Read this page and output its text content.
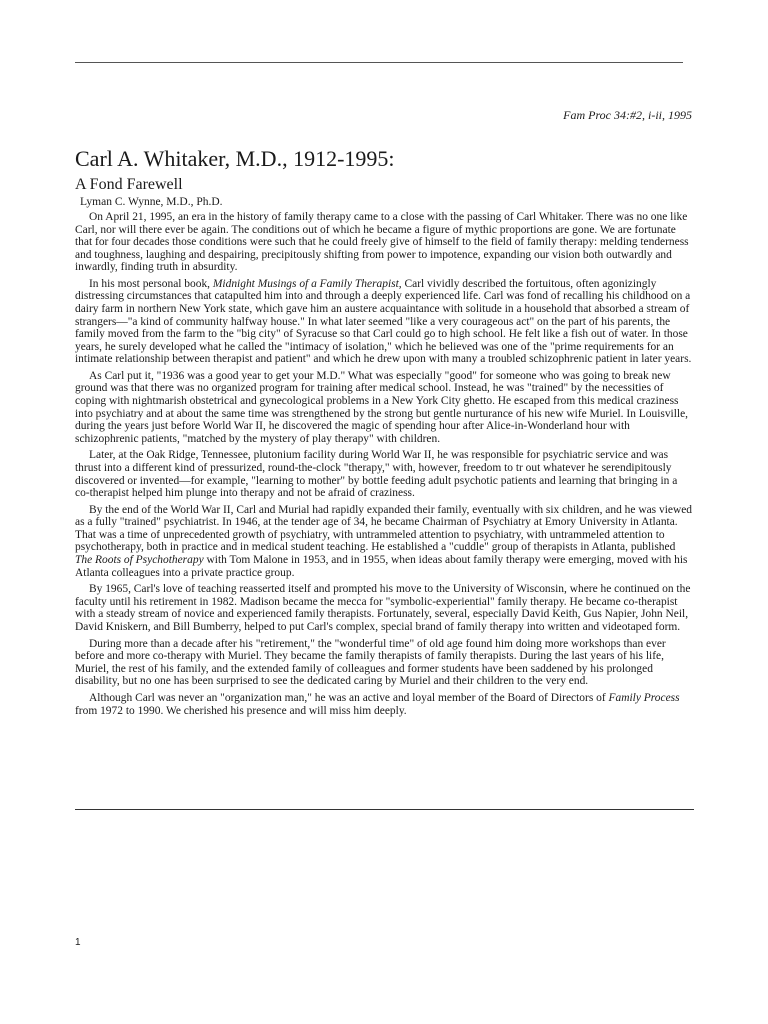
Fam Proc 34:#2, i-ii, 1995
Carl A. Whitaker, M.D., 1912-1995:
A Fond Farewell
Lyman C. Wynne, M.D., Ph.D.

On April 21, 1995, an era in the history of family therapy came to a close with the passing of Carl Whitaker. There was no one like Carl, nor will there ever be again. The conditions out of which he became a figure of mythic proportions are gone. We are fortunate that for four decades those conditions were such that he could freely give of himself to the field of family therapy: melding tenderness and toughness, laughing and despairing, precipitously shifting from power to impotence, expanding our vision both outwardly and inwardly, finding truth in absurdity.

In his most personal book, Midnight Musings of a Family Therapist, Carl vividly described the fortuitous, often agonizingly distressing circumstances that catapulted him into and through a deeply experienced life. Carl was fond of recalling his childhood on a dairy farm in northern New York state, which gave him an austere acquaintance with solitude in a household that absorbed a stream of strangers—"a kind of community halfway house." In what later seemed "like a very courageous act" on the part of his parents, the family moved from the farm to the "big city" of Syracuse so that Carl could go to high school. He felt like a fish out of water. In those years, he surely developed what he called the "intimacy of isolation," which he believed was one of the "prime requirements for an intimate relationship between therapist and patient" and which he drew upon with many a troubled schizophrenic patient in later years.

As Carl put it, "1936 was a good year to get your M.D." What was especially "good" for someone who was going to break new ground was that there was no organized program for training after medical school. Instead, he was "trained" by the necessities of coping with nightmarish obstetrical and gynecological problems in a New York City ghetto. He escaped from this medical craziness into psychiatry and at about the same time was strengthened by the strong but gentle nurturance of his new wife Muriel. In Louisville, during the years just before World War II, he discovered the magic of spending hour after Alice-in-Wonderland hour with schizophrenic patients, "matched by the mystery of play therapy" with children.

Later, at the Oak Ridge, Tennessee, plutonium facility during World War II, he was responsible for psychiatric service and was thrust into a different kind of pressurized, round-the-clock "therapy," with, however, freedom to tr out whatever he serendipitously discovered or invented—for example, "learning to mother" by bottle feeding adult psychotic patients and learning that bringing in a co-therapist helped him plunge into therapy and not be afraid of craziness.

By the end of the World War II, Carl and Murial had rapidly expanded their family, eventually with six children, and he was viewed as a fully "trained" psychiatrist. In 1946, at the tender age of 34, he became Chairman of Psychiatry at Emory University in Atlanta. That was a time of unprecedented growth of psychiatry, with untrammeled attention to psychiatry, with untrammeled attention to psychotherapy, both in practice and in medical student teaching. He established a "cuddle" group of therapists in Atlanta, published The Roots of Psychotherapy with Tom Malone in 1953, and in 1955, when ideas about family therapy were emerging, moved with his Atlanta colleagues into a private practice group.

By 1965, Carl's love of teaching reasserted itself and prompted his move to the University of Wisconsin, where he continued on the faculty until his retirement in 1982. Madison became the mecca for "symbolic-experiential" family therapy. He became co-therapist with a steady stream of novice and experienced family therapists. Fortunately, several, especially David Keith, Gus Napier, John Neil, David Kniskern, and Bill Bumberry, helped to put Carl's complex, special brand of family therapy into written and videotaped form.

During more than a decade after his "retirement," the "wonderful time" of old age found him doing more workshops than ever before and more co-therapy with Muriel. They became the family therapists of family therapists. During the last years of his life, Muriel, the rest of his family, and the extended family of colleagues and former students have been saddened by his prolonged disability, but no one has been surprised to see the dedicated caring by Muriel and their children to the very end.

Although Carl was never an "organization man," he was an active and loyal member of the Board of Directors of Family Process from 1972 to 1990. We cherished his presence and will miss him deeply.

1
